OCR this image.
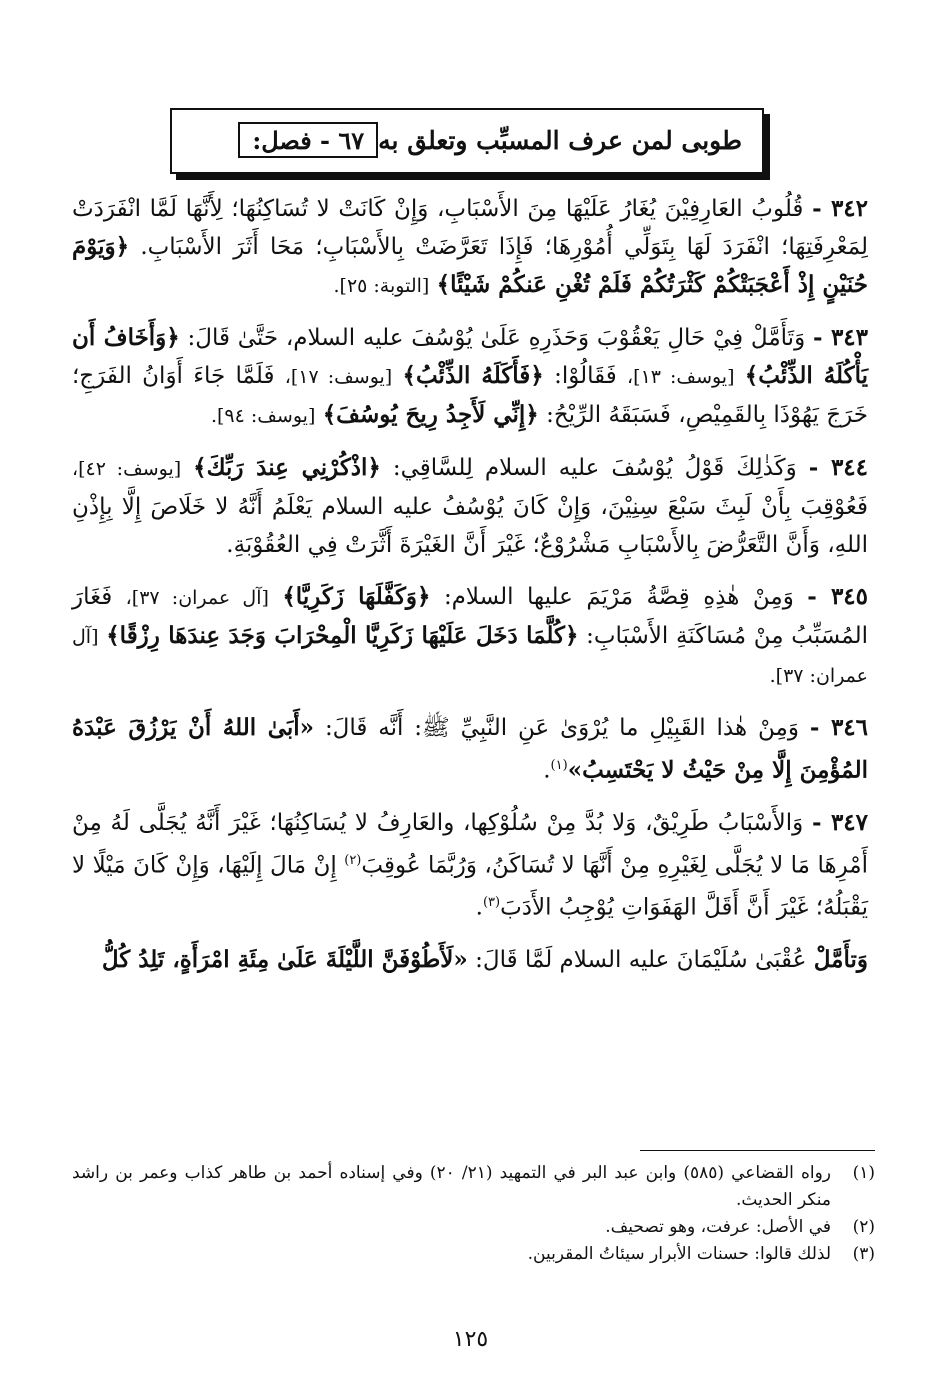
٦٧ - فصل: طوبى لمن عرف المسبِّب وتعلق به

٣٤٢ - قُلُوبُ العَارِفِيْنَ يُغَارُ عَلَيْهَا مِنَ الأَسْبَابِ، وَإِنْ كَانَتْ لا تُسَاكِنُهَا؛ لِأَنَّهَا لَمَّا انْفَرَدَتْ لِمَعْرِفَتِهَا؛ انْفَرَدَ لَهَا بِتَوَلِّي أُمُوْرِهَا؛ فَإِذَا تَعَرَّضَتْ بِالأَسْبَابِ؛ مَحَا أَثَرَ الأَسْبَابِ. ﴿وَيَوْمَ حُنَيْنٍ إِذْ أَعْجَبَتْكُمْ كَثْرَتُكُمْ فَلَمْ تُغْنِ عَنكُمْ شَيْئًا﴾ [التوبة: ٢٥].

٣٤٣ - وَتَأَمَّلْ فِيْ حَالِ يَعْقُوْبَ وَحَذَرِهِ عَلَىٰ يُوْسُفَ عليه السلام، حَتَّىٰ قَالَ: ﴿وَأَخَافُ أَن يَأْكُلَهُ الذِّئْبُ﴾ [يوسف: ١٣]، فَقَالُوْا: ﴿فَأَكَلَهُ الذِّئْبُ﴾ [يوسف: ١٧]، فَلَمَّا جَاءَ أَوَانُ الفَرَجِ؛ خَرَجَ يَهُوْذَا بِالقَمِيْصِ، فَسَبَقَهُ الرِّيْحُ: ﴿إِنِّي لَأَجِدُ رِيحَ يُوسُفَ﴾ [يوسف: ٩٤].

٣٤٤ - وَكَذٰلِكَ قَوْلُ يُوْسُفَ عليه السلام لِلسَّاقِي: ﴿اذْكُرْنِي عِندَ رَبِّكَ﴾ [يوسف: ٤٢]، فَعُوْقِبَ بِأَنْ لَبِثَ سَبْعَ سِنِيْنَ، وَإِنْ كَانَ يُوْسُفُ عليه السلام يَعْلَمُ أَنَّهُ لا خَلَاصَ إِلَّا بِإِذْنِ اللهِ، وَأَنَّ التَّعَرُّضَ بِالأَسْبَابِ مَشْرُوْعٌ؛ غَيْرَ أَنَّ الغَيْرَةَ أَثَّرَتْ فِي العُقُوْبَةِ.

٣٤٥ - وَمِنْ هٰذِهِ قِصَّةُ مَرْيَمَ عليها السلام: ﴿وَكَفَّلَهَا زَكَرِيَّا﴾ [آل عمران: ٣٧]، فَغَارَ المُسَبِّبُ مِنْ مُسَاكَنَةِ الأَسْبَابِ: ﴿كُلَّمَا دَخَلَ عَلَيْهَا زَكَرِيَّا الْمِحْرَابَ وَجَدَ عِندَهَا رِزْقًا﴾ [آل عمران: ٣٧].

٣٤٦ - وَمِنْ هٰذا القَبِيْلِ ما يُرْوَىٰ عَنِ النَّبِيِّ ﷺ: أَنَّه قَالَ: «أَبَىٰ اللهُ أَنْ يَرْزُقَ عَبْدَهُ المُؤْمِنَ إِلَّا مِنْ حَيْثُ لا يَحْتَسِبُ»$^{(١)}$.

٣٤٧ - وَالأَسْبَابُ طَرِيْقٌ، وَلا بُدَّ مِنْ سُلُوْكِها، والعَارِفُ لا يُسَاكِنُهَا؛ غَيْرَ أَنَّهُ يُجَلَّى لَهُ مِنْ أَمْرِهَا مَا لا يُجَلَّى لِغَيْرِهِ مِنْ أَنَّهَا لا تُسَاكَنُ، وَرُبَّمَا عُوقِبَ$^{(٢)}$ إِنْ مَالَ إِلَيْهَا، وَإِنْ كَانَ مَيْلًا لا يَقْبَلُهُ؛ غَيْرَ أَنَّ أَقَلَّ الهَفَوَاتِ يُوْجِبُ الأَدَبَ$^{(٣)}$.

وَتأَمَّلْ عُقْبَىٰ سُلَيْمَانَ عليه السلام لَمَّا قَالَ: «لَأَطُوْفَنَّ اللَّيْلَةَ عَلَىٰ مِئَةِ امْرَأَةٍ، تَلِدُ كُلُّ

(١)
رواه القضاعي (٥٨٥) وابن عبد البر في التمهيد (٢١/ ٢٠) وفي إسناده أحمد بن طاهر كذاب وعمر بن راشد منكر الحديث.
(٢)
في الأصل: عرفت، وهو تصحيف.
(٣)
لذلك قالوا: حسنات الأبرار سيئاتُ المقربين.
١٢٥
